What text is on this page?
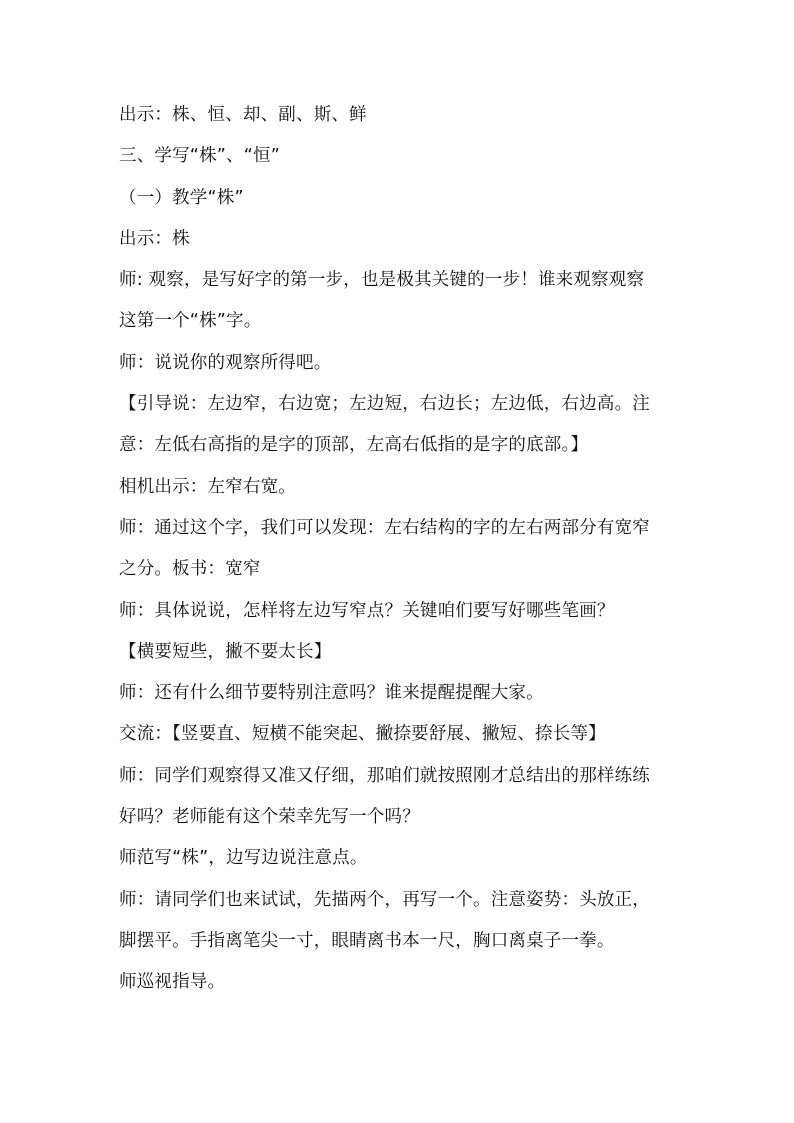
出示：株、恒、却、副、斯、鲜
三、学写“株”、“恒”
（一）教学“株”
出示：株
师: 观察，是写好字的第一步，也是极其关键的一步！谁来观察观察
这第一个“株”字。
师：说说你的观察所得吧。
【引导说：左边窄，右边宽；左边短，右边长；左边低，右边高。注
意：左低右高指的是字的顶部，左高右低指的是字的底部。】
相机出示：左窄右宽。
师：通过这个字，我们可以发现：左右结构的字的左右两部分有宽窄
之分。板书：宽窄
师：具体说说，怎样将左边写窄点？关键咱们要写好哪些笔画？
【横要短些，撇不要太长】
师：还有什么细节要特别注意吗？谁来提醒提醒大家。
交流：【竖要直、短横不能突起、撇捺要舒展、撇短、捺长等】
师：同学们观察得又准又仔细，那咱们就按照刚才总结出的那样练练
好吗？老师能有这个荣幸先写一个吗？
师范写“株”，边写边说注意点。
师：请同学们也来试试，先描两个，再写一个。注意姿势：头放正，
脚摆平。手指离笔尖一寸，眼睛离书本一尺，胸口离桌子一拳。
师巡视指导。
